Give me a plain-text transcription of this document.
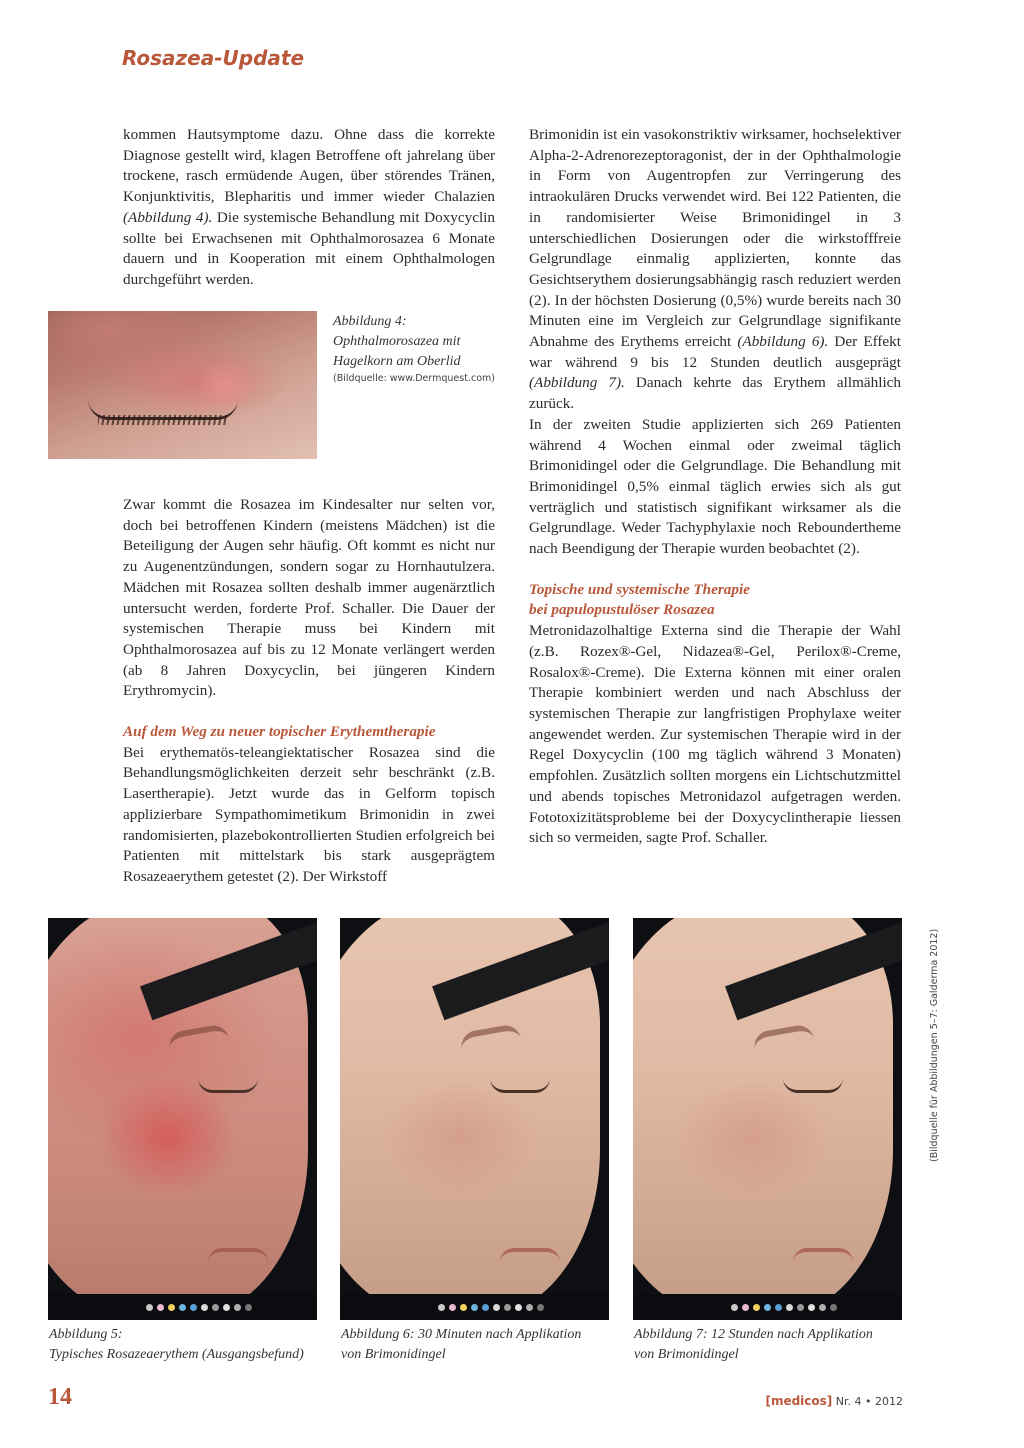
Rosazea-Update

kommen Hautsymptome dazu. Ohne dass die korrekte Diagnose gestellt wird, klagen Betroffene oft jahrelang über trockene, rasch ermüdende Augen, über störendes Tränen, Konjunktivitis, Blepharitis und immer wieder Chalazien (Abbildung 4). Die systemische Behandlung mit Doxycyclin sollte bei Erwachsenen mit Ophthalmorosazea 6 Monate dauern und in Kooperation mit einem Ophthalmologen durchgeführt werden.

Abbildung 4:
Ophthalmorosazea mit
Hagelkorn am Oberlid
(Bildquelle: www.Dermquest.com)

Zwar kommt die Rosazea im Kindesalter nur selten vor, doch bei betroffenen Kindern (meistens Mädchen) ist die Beteiligung der Augen sehr häufig. Oft kommt es nicht nur zu Augenentzündungen, sondern sogar zu Hornhautulzera. Mädchen mit Rosazea sollten deshalb immer augenärztlich untersucht werden, forderte Prof. Schaller. Die Dauer der systemischen Therapie muss bei Kindern mit Ophthalmorosazea auf bis zu 12 Monate verlängert werden (ab 8 Jahren Doxycyclin, bei jüngeren Kindern Erythromycin).

Auf dem Weg zu neuer topischer Erythemtherapie

Bei erythematös-teleangiektatischer Rosazea sind die Behandlungsmöglichkeiten derzeit sehr beschränkt (z.B. Lasertherapie). Jetzt wurde das in Gelform topisch applizierbare Sympathomimetikum Brimonidin in zwei randomisierten, plazebokontrollierten Studien erfolgreich bei Patienten mit mittelstark bis stark ausgeprägtem Rosazeaerythem getestet (2). Der Wirkstoff

Brimonidin ist ein vasokonstriktiv wirksamer, hochselektiver Alpha-2-Adrenorezeptoragonist, der in der Ophthalmologie in Form von Augentropfen zur Verringerung des intraokulären Drucks verwendet wird. Bei 122 Patienten, die in randomisierter Weise Brimonidingel in 3 unterschiedlichen Dosierungen oder die wirkstofffreie Gelgrundlage einmalig applizierten, konnte das Gesichtserythem dosierungsabhängig rasch reduziert werden (2). In der höchsten Dosierung (0,5%) wurde bereits nach 30 Minuten eine im Vergleich zur Gelgrundlage signifikante Abnahme des Erythems erreicht (Abbildung 6). Der Effekt war während 9 bis 12 Stunden deutlich ausgeprägt (Abbildung 7). Danach kehrte das Erythem allmählich zurück.

In der zweiten Studie applizierten sich 269 Patienten während 4 Wochen einmal oder zweimal täglich Brimonidingel oder die Gelgrundlage. Die Behandlung mit Brimonidingel 0,5% einmal täglich erwies sich als gut verträglich und statistisch signifikant wirksamer als die Gelgrundlage. Weder Tachyphylaxie noch Reboundertheme nach Beendigung der Therapie wurden beobachtet (2).

Topische und systemische Therapie
bei papulopustulöser Rosazea

Metronidazolhaltige Externa sind die Therapie der Wahl (z.B. Rozex®-Gel, Nidazea®-Gel, Perilox®-Creme, Rosalox®-Creme). Die Externa können mit einer oralen Therapie kombiniert werden und nach Abschluss der systemischen Therapie zur langfristigen Prophylaxe weiter angewendet werden. Zur systemischen Therapie wird in der Regel Doxycyclin (100 mg täglich während 3 Monaten) empfohlen. Zusätzlich sollten morgens ein Lichtschutzmittel und abends topisches Metronidazol aufgetragen werden. Fototoxizitätsprobleme bei der Doxycyclintherapie liessen sich so vermeiden, sagte Prof. Schaller.

Abbildung 5:
Typisches Rosazeaerythem (Ausgangsbefund)
Abbildung 6: 30 Minuten nach Applikation
von Brimonidingel
Abbildung 7: 12 Stunden nach Applikation
von Brimonidingel
(Bildquelle für Abbildungen 5–7: Galderma 2012)
14	[medicos] Nr. 4 • 2012
